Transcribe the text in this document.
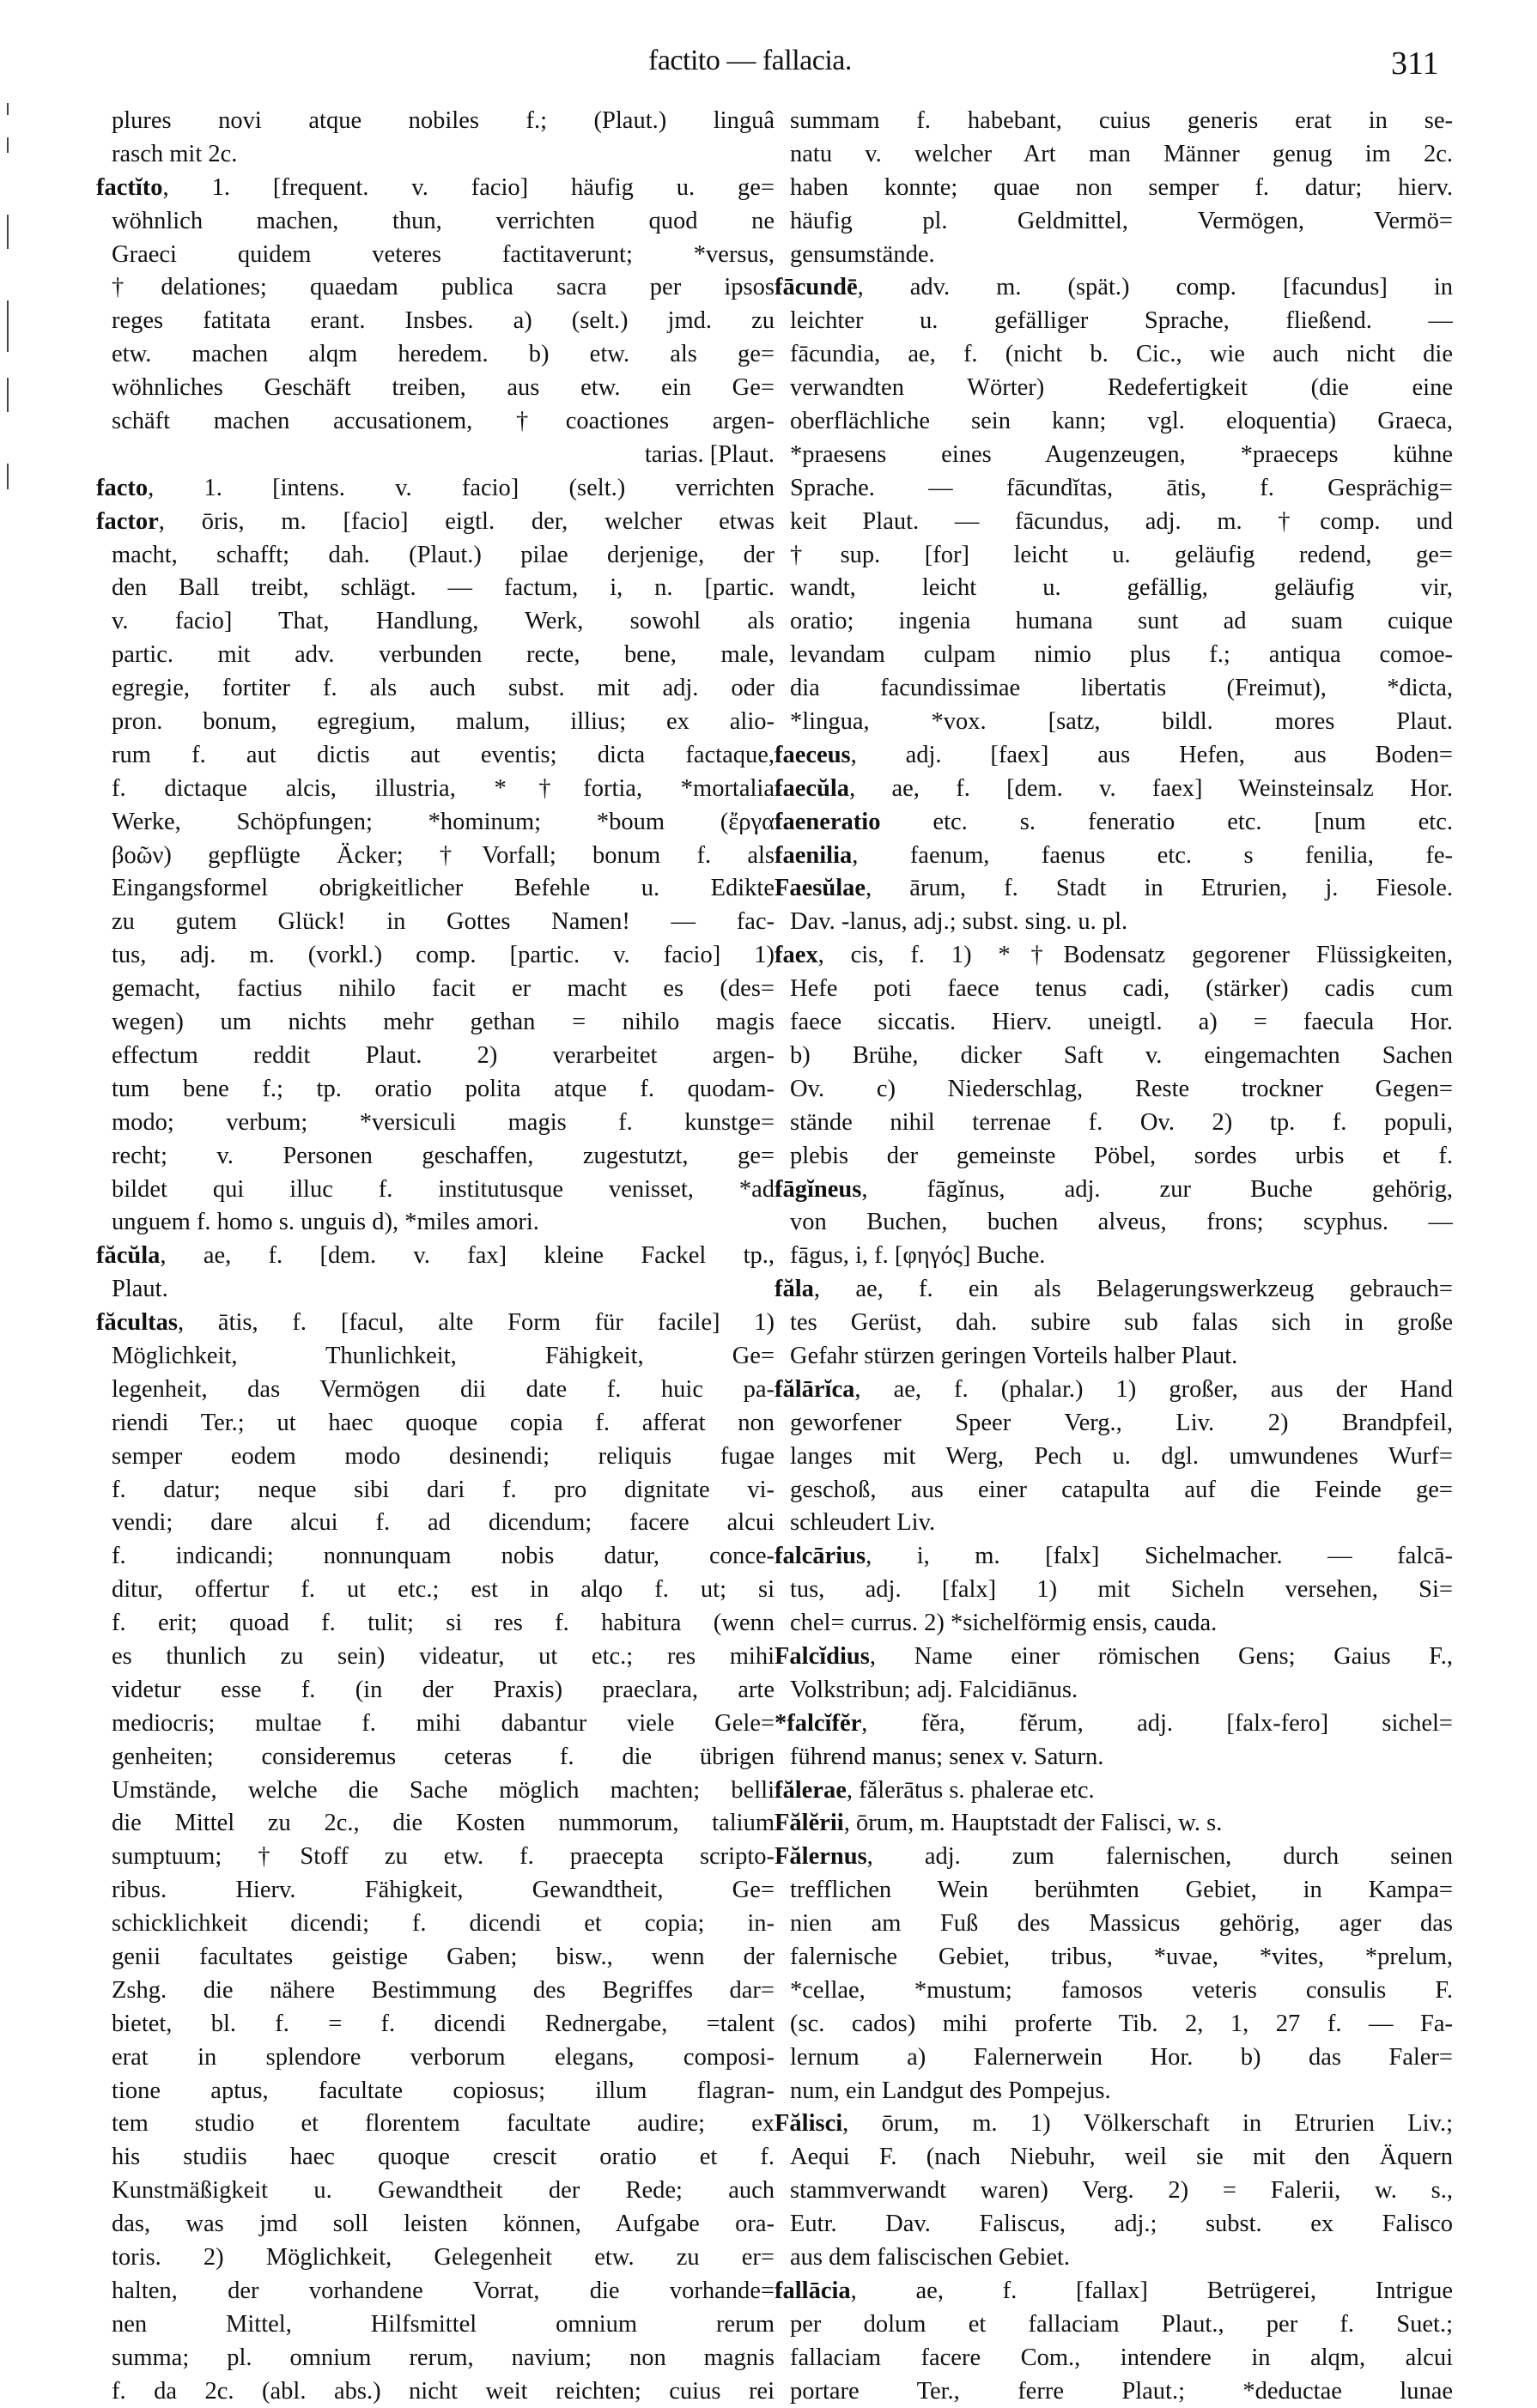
factito — fallacia.	311
plures novi atque nobiles f.; (Plaut.) linguâ
rasch mit 2c.
factĭto, 1. [frequent. v. facio] häufig u. ge=
wöhnlich machen, thun, verrichten quod ne
Graeci quidem veteres factitaverunt; *versus,
†delationes; quaedam publica sacra per ipsos
reges fatitata erant. Insbes. a) (selt.) jmd. zu
etw. machen alqm heredem. b) etw. als ge=
wöhnliches Geschäft treiben, aus etw. ein Ge=
schäft machen accusationem, †coactiones argen-
tarias. [Plaut.
facto, 1. [intens. v. facio] (selt.) verrichten
factor, ōris, m. [facio] eigtl. der, welcher etwas
macht, schafft; dah. (Plaut.) pilae derjenige, der
den Ball treibt, schlägt. — factum, i, n. [partic.
v. facio] That, Handlung, Werk, sowohl als
partic. mit adv. verbunden recte, bene, male,
egregie, fortiter f. als auch subst. mit adj. oder
pron. bonum, egregium, malum, illius; ex alio-
rum f. aut dictis aut eventis; dicta factaque,
f. dictaque alcis, illustria, *†fortia, *mortalia
Werke, Schöpfungen; *hominum; *boum (ἔργα
βοῶν) gepflügte Äcker; †Vorfall; bonum f. als
Eingangsformel obrigkeitlicher Befehle u. Edikte
zu gutem Glück! in Gottes Namen! — fac-
tus, adj. m. (vorkl.) comp. [partic. v. facio] 1)
gemacht, factius nihilo facit er macht es (des=
wegen) um nichts mehr gethan = nihilo magis
effectum reddit Plaut. 2) verarbeitet argen-
tum bene f.; tp. oratio polita atque f. quodam-
modo; verbum; *versiculi magis f. kunstge=
recht; v. Personen geschaffen, zugestutzt, ge=
bildet qui illuc f. institutusque venisset, *ad
unguem f. homo s. unguis d), *miles amori.
făcŭla, ae, f. [dem. v. fax] kleine Fackel tp.,
Plaut.
făcultas, ātis, f. [facul, alte Form für facile] 1)
Möglichkeit, Thunlichkeit, Fähigkeit, Ge=
legenheit, das Vermögen dii date f. huic pa-
riendi Ter.; ut haec quoque copia f. afferat non
semper eodem modo desinendi; reliquis fugae
f. datur; neque sibi dari f. pro dignitate vi-
vendi; dare alcui f. ad dicendum; facere alcui
f. indicandi; nonnunquam nobis datur, conce-
ditur, offertur f. ut etc.; est in alqo f. ut; si
f. erit; quoad f. tulit; si res f. habitura (wenn
es thunlich zu sein) videatur, ut etc.; res mihi
videtur esse f. (in der Praxis) praeclara, arte
mediocris; multae f. mihi dabantur viele Gele=
genheiten; consideremus ceteras f. die übrigen
Umstände, welche die Sache möglich machten; belli
die Mittel zu 2c., die Kosten nummorum, talium
sumptuum; †Stoff zu etw. f. praecepta scripto-
ribus. Hierv. Fähigkeit, Gewandtheit, Ge=
schicklichkeit dicendi; f. dicendi et copia; in-
genii facultates geistige Gaben; bisw., wenn der
Zshg. die nähere Bestimmung des Begriffes dar=
bietet, bl. f. = f. dicendi Rednergabe, =talent
erat in splendore verborum elegans, composi-
tione aptus, facultate copiosus; illum flagran-
tem studio et florentem facultate audire; ex
his studiis haec quoque crescit oratio et f.
Kunstmäßigkeit u. Gewandtheit der Rede; auch
das, was jmd soll leisten können, Aufgabe ora-
toris. 2) Möglichkeit, Gelegenheit etw. zu er=
halten, der vorhandene Vorrat, die vorhande=
nen Mittel, Hilfsmittel omnium rerum
summa; pl. omnium rerum, navium; non magnis
f. da 2c. (abl. abs.) nicht weit reichten; cuius rei
summam f. habebant, cuius generis erat in se-
natu v. welcher Art man Männer genug im 2c.
haben konnte; quae non semper f. datur; hierv.
häufig pl. Geldmittel, Vermögen, Vermö=
gensumstände.
fācundē, adv. m. (spät.) comp. [facundus] in
leichter u. gefälliger Sprache, fließend. —
fācundia, ae, f. (nicht b. Cic., wie auch nicht die
verwandten Wörter) Redefertigkeit (die eine
oberflächliche sein kann; vgl. eloquentia) Graeca,
*praesens eines Augenzeugen, *praeceps kühne
Sprache. — fācundĭtas, ātis, f. Gesprächig=
keit Plaut. — fācundus, adj. m. †comp. und
†sup. [for] leicht u. geläufig redend, ge=
wandt, leicht u. gefällig, geläufig vir,
oratio; ingenia humana sunt ad suam cuique
levandam culpam nimio plus f.; antiqua comoe-
dia facundissimae libertatis (Freimut), *dicta,
*lingua, *vox. [satz, bildl. mores Plaut.
faeceus, adj. [faex] aus Hefen, aus Boden=
faecŭla, ae, f. [dem. v. faex] Weinsteinsalz Hor.
faeneratio etc. s. feneratio etc. [num etc.
faenilia, faenum, faenus etc. s fenilia, fe-
Faesŭlae, ārum, f. Stadt in Etrurien, j. Fiesole.
Dav. -lanus, adj.; subst. sing. u. pl.
faex, cis, f. 1) *†Bodensatz gegorener Flüssigkeiten,
Hefe poti faece tenus cadi, (stärker) cadis cum
faece siccatis. Hierv. uneigtl. a) = faecula Hor.
b) Brühe, dicker Saft v. eingemachten Sachen
Ov. c) Niederschlag, Reste trockner Gegen=
stände nihil terrenae f. Ov. 2) tp. f. populi,
plebis der gemeinste Pöbel, sordes urbis et f.
fāgĭneus, fāgĭnus, adj. zur Buche gehörig,
von Buchen, buchen alveus, frons; scyphus. —
fāgus, i, f. [φηγός] Buche.
făla, ae, f. ein als Belagerungswerkzeug gebrauch=
tes Gerüst, dah. subire sub falas sich in große
Gefahr stürzen geringen Vorteils halber Plaut.
fălārĭca, ae, f. (phalar.) 1) großer, aus der Hand
geworfener Speer Verg., Liv. 2) Brandpfeil,
langes mit Werg, Pech u. dgl. umwundenes Wurf=
geschoß, aus einer catapulta auf die Feinde ge=
schleudert Liv.
falcārius, i, m. [falx] Sichelmacher. — falcā-
tus, adj. [falx] 1) mit Sicheln versehen, Si=
chel= currus. 2) *sichelförmig ensis, cauda.
Falcĭdius, Name einer römischen Gens; Gaius F.,
Volkstribun; adj. Falcidiānus.
*falcĭfĕr, fĕra, fĕrum, adj. [falx-fero] sichel=
führend manus; senex v. Saturn.
fălerae, fălerātus s. phalerae etc.
Fălĕrii, ōrum, m. Hauptstadt der Falisci, w. s.
Fălernus, adj. zum falernischen, durch seinen
trefflichen Wein berühmten Gebiet, in Kampa=
nien am Fuß des Massicus gehörig, ager das
falernische Gebiet, tribus, *uvae, *vites, *prelum,
*cellae, *mustum; famosos veteris consulis F.
(sc. cados) mihi proferte Tib. 2, 1, 27 f. — Fa-
lernum a) Falernerwein Hor. b) das Faler=
num, ein Landgut des Pompejus.
Fălisci, ōrum, m. 1) Völkerschaft in Etrurien Liv.;
Aequi F. (nach Niebuhr, weil sie mit den Äquern
stammverwandt waren) Verg. 2) = Falerii, w. s.,
Eutr. Dav. Faliscus, adj.; subst. ex Falisco
aus dem faliscischen Gebiet.
fallācia, ae, f. [fallax] Betrügerei, Intrigue
per dolum et fallaciam Plaut., per f. Suet.;
fallaciam facere Com., intendere in alqm, alcui
portare Ter., ferre Plaut.; *deductae lunae
